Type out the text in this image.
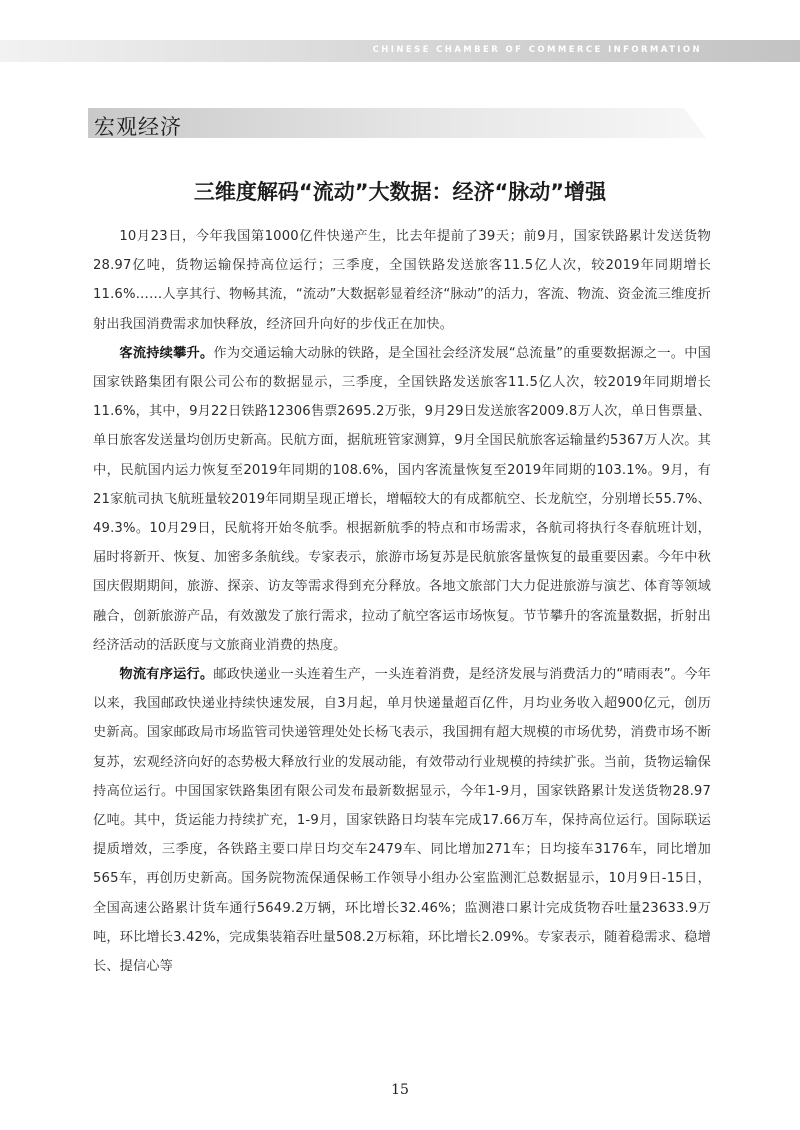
CHINESE CHAMBER OF COMMERCE INFORMATION
宏观经济
三维度解码“流动”大数据：经济“脉动”增强

10月23日，今年我国第1000亿件快递产生，比去年提前了39天；前9月，国家铁路累计发送货物28.97亿吨，货物运输保持高位运行；三季度，全国铁路发送旅客11.5亿人次，较2019年同期增长11.6%……人享其行、物畅其流，“流动”大数据彰显着经济“脉动”的活力，客流、物流、资金流三维度折射出我国消费需求加快释放，经济回升向好的步伐正在加快。

客流持续攀升。作为交通运输大动脉的铁路，是全国社会经济发展“总流量”的重要数据源之一。中国国家铁路集团有限公司公布的数据显示，三季度，全国铁路发送旅客11.5亿人次，较2019年同期增长11.6%，其中，9月22日铁路12306售票2695.2万张，9月29日发送旅客2009.8万人次，单日售票量、单日旅客发送量均创历史新高。民航方面，据航班管家测算，9月全国民航旅客运输量约5367万人次。其中，民航国内运力恢复至2019年同期的108.6%，国内客流量恢复至2019年同期的103.1%。9月，有21家航司执飞航班量较2019年同期呈现正增长，增幅较大的有成都航空、长龙航空，分别增长55.7%、49.3%。10月29日，民航将开始冬航季。根据新航季的特点和市场需求，各航司将执行冬春航班计划，届时将新开、恢复、加密多条航线。专家表示，旅游市场复苏是民航旅客量恢复的最重要因素。今年中秋国庆假期期间，旅游、探亲、访友等需求得到充分释放。各地文旅部门大力促进旅游与演艺、体育等领域融合，创新旅游产品，有效激发了旅行需求，拉动了航空客运市场恢复。节节攀升的客流量数据，折射出经济活动的活跃度与文旅商业消费的热度。

物流有序运行。邮政快递业一头连着生产，一头连着消费，是经济发展与消费活力的“晴雨表”。今年以来，我国邮政快递业持续快速发展，自3月起，单月快递量超百亿件，月均业务收入超900亿元，创历史新高。国家邮政局市场监管司快递管理处处长杨飞表示，我国拥有超大规模的市场优势，消费市场不断复苏，宏观经济向好的态势极大释放行业的发展动能，有效带动行业规模的持续扩张。当前，货物运输保持高位运行。中国国家铁路集团有限公司发布最新数据显示，今年1-9月，国家铁路累计发送货物28.97亿吨。其中，货运能力持续扩充，1-9月，国家铁路日均装车完成17.66万车，保持高位运行。国际联运提质增效，三季度，各铁路主要口岸日均交车2479车、同比增加271车；日均接车3176车，同比增加565车，再创历史新高。国务院物流保通保畅工作领导小组办公室监测汇总数据显示，10月9日-15日，全国高速公路累计货车通行5649.2万辆，环比增长32.46%；监测港口累计完成货物吞吐量23633.9万吨，环比增长3.42%，完成集装箱吞吐量508.2万标箱，环比增长2.09%。专家表示，随着稳需求、稳增长、提信心等

15
